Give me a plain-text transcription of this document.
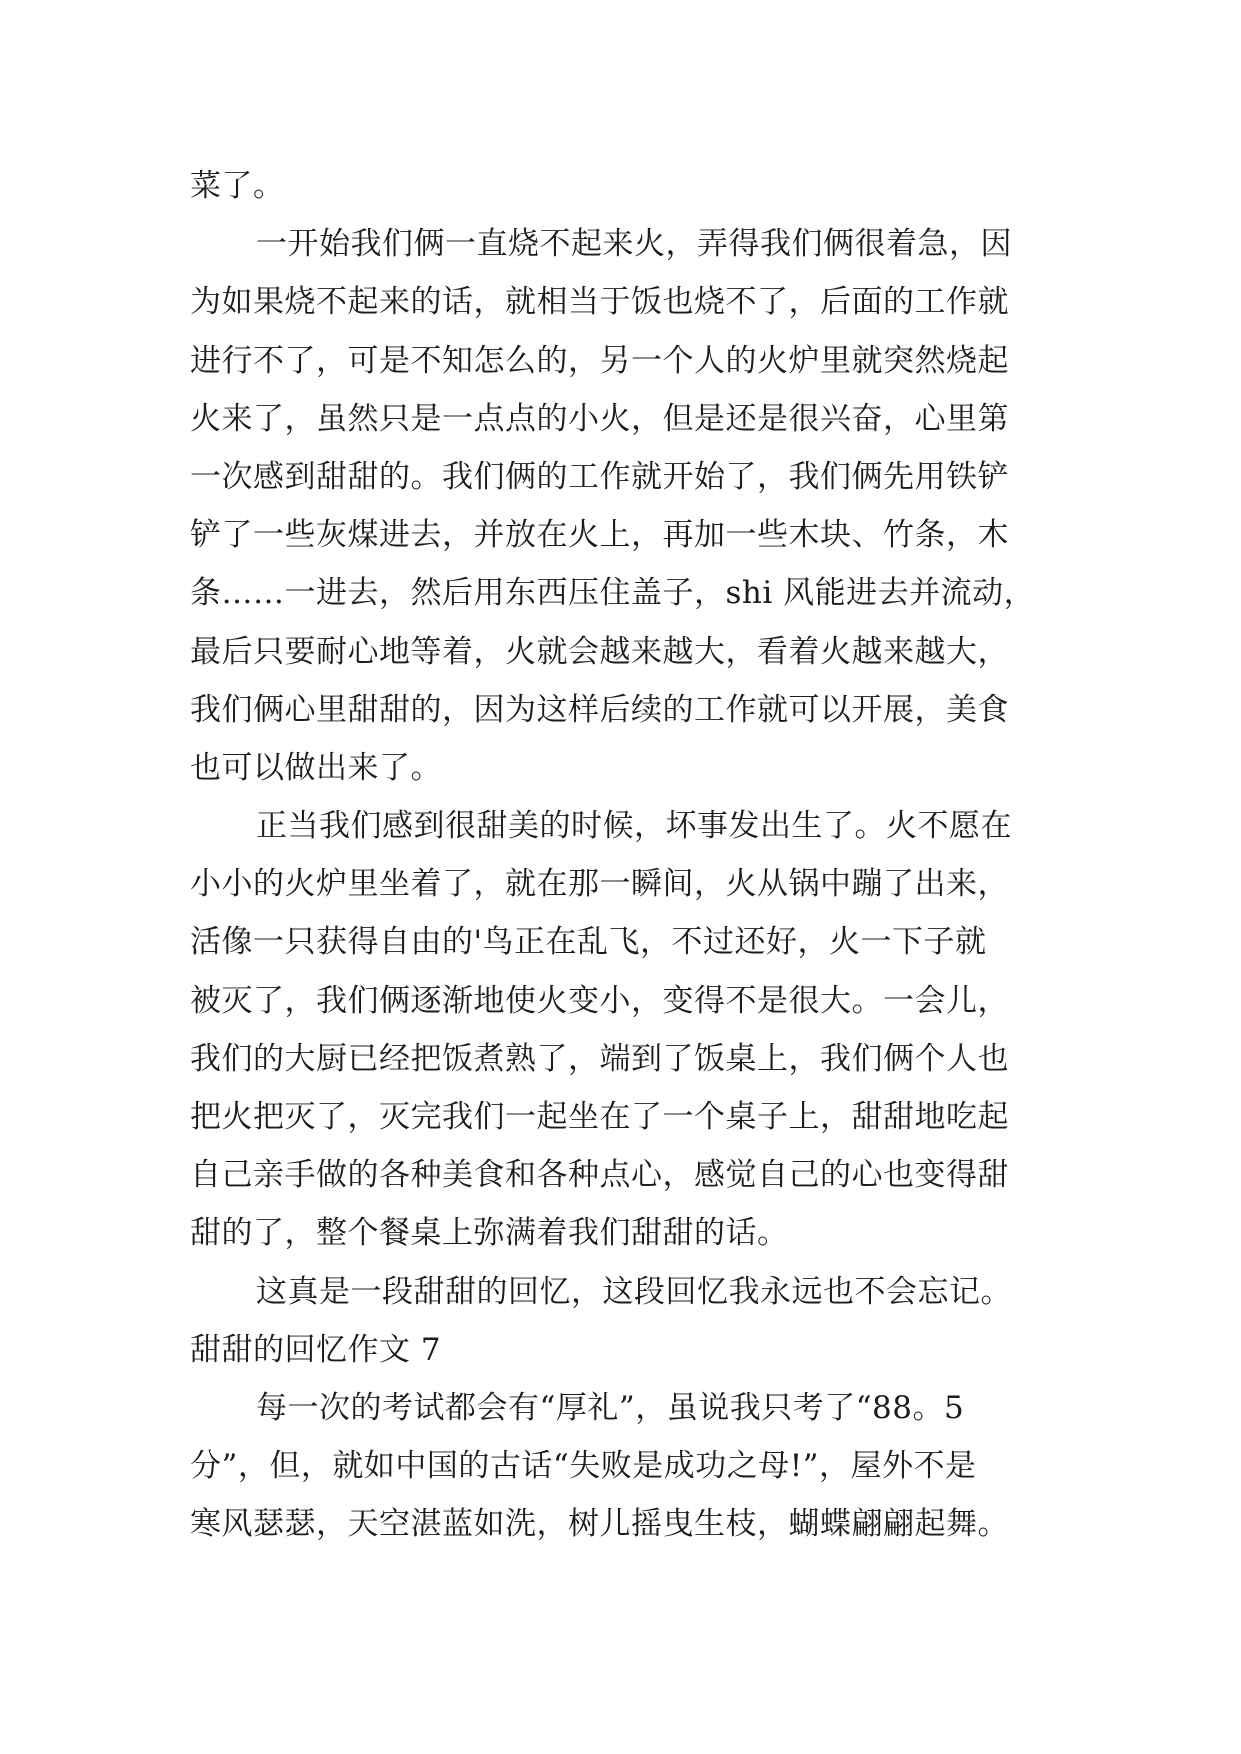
菜了。
一开始我们俩一直烧不起来火，弄得我们俩很着急，因
为如果烧不起来的话，就相当于饭也烧不了，后面的工作就
进行不了，可是不知怎么的，另一个人的火炉里就突然烧起
火来了，虽然只是一点点的小火，但是还是很兴奋，心里第
一次感到甜甜的。我们俩的工作就开始了，我们俩先用铁铲
铲了一些灰煤进去，并放在火上，再加一些木块、竹条，木
条……一进去，然后用东西压住盖子，shi 风能进去并流动，
最后只要耐心地等着，火就会越来越大，看着火越来越大，
我们俩心里甜甜的，因为这样后续的工作就可以开展，美食
也可以做出来了。
正当我们感到很甜美的时候，坏事发出生了。火不愿在
小小的火炉里坐着了，就在那一瞬间，火从锅中蹦了出来，
活像一只获得自由的'鸟正在乱飞，不过还好，火一下子就
被灭了，我们俩逐渐地使火变小，变得不是很大。一会儿，
我们的大厨已经把饭煮熟了，端到了饭桌上，我们俩个人也
把火把灭了，灭完我们一起坐在了一个桌子上，甜甜地吃起
自己亲手做的各种美食和各种点心，感觉自己的心也变得甜
甜的了，整个餐桌上弥满着我们甜甜的话。
这真是一段甜甜的回忆，这段回忆我永远也不会忘记。
甜甜的回忆作文 7
每一次的考试都会有“厚礼”，虽说我只考了“88。5
分”，但，就如中国的古话“失败是成功之母!”，屋外不是
寒风瑟瑟，天空湛蓝如洗，树儿摇曳生枝，蝴蝶翩翩起舞。
